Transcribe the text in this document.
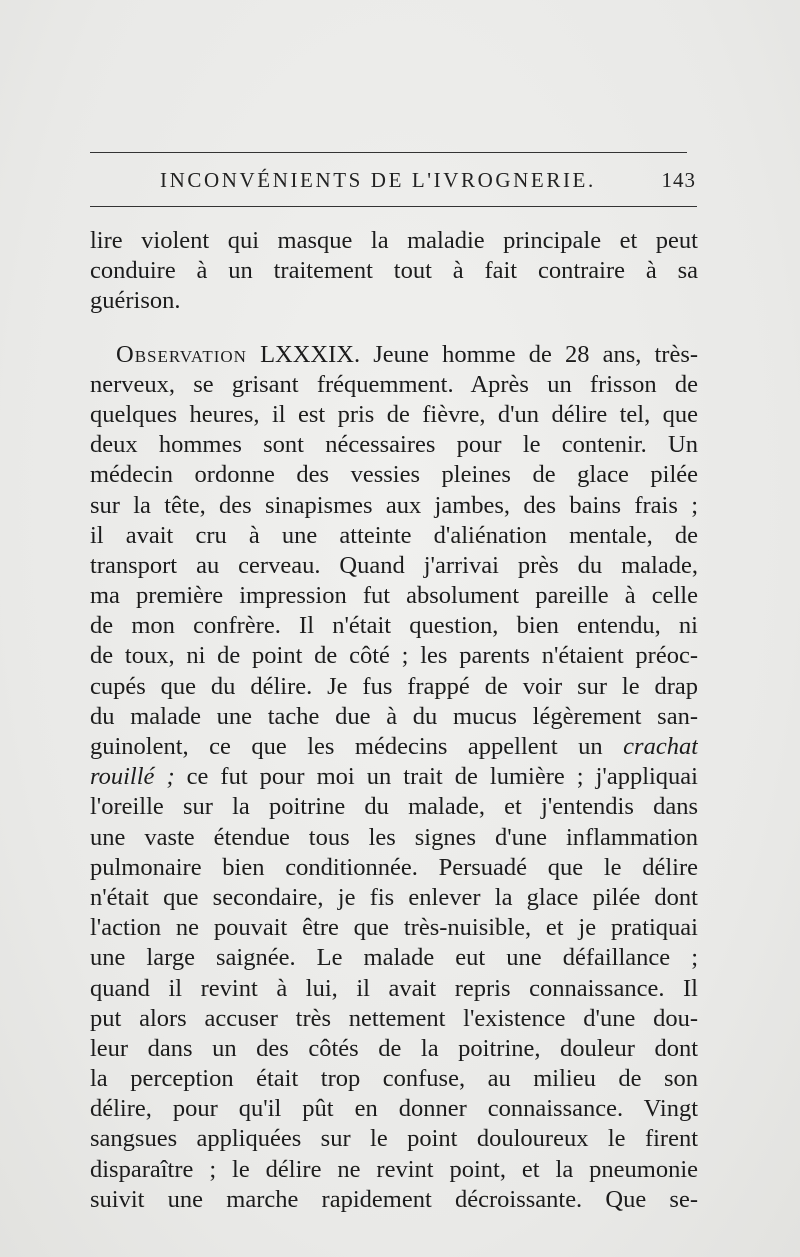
INCONVÉNIENTS DE L'IVROGNERIE.	143
lire violent qui masque la maladie principale et peut
conduire à un traitement tout à fait contraire à sa
guérison.
Observation LXXXIX. Jeune homme de 28 ans, très-
nerveux, se grisant fréquemment. Après un frisson de
quelques heures, il est pris de fièvre, d'un délire tel, que
deux hommes sont nécessaires pour le contenir. Un
médecin ordonne des vessies pleines de glace pilée
sur la tête, des sinapismes aux jambes, des bains frais ;
il avait cru à une atteinte d'aliénation mentale, de
transport au cerveau. Quand j'arrivai près du malade,
ma première impression fut absolument pareille à celle
de mon confrère. Il n'était question, bien entendu, ni
de toux, ni de point de côté ; les parents n'étaient préoc-
cupés que du délire. Je fus frappé de voir sur le drap
du malade une tache due à du mucus légèrement san-
guinolent, ce que les médecins appellent un crachat
rouillé ; ce fut pour moi un trait de lumière ; j'appliquai
l'oreille sur la poitrine du malade, et j'entendis dans
une vaste étendue tous les signes d'une inflammation
pulmonaire bien conditionnée. Persuadé que le délire
n'était que secondaire, je fis enlever la glace pilée dont
l'action ne pouvait être que très-nuisible, et je pratiquai
une large saignée. Le malade eut une défaillance ;
quand il revint à lui, il avait repris connaissance. Il
put alors accuser très nettement l'existence d'une dou-
leur dans un des côtés de la poitrine, douleur dont
la perception était trop confuse, au milieu de son
délire, pour qu'il pût en donner connaissance. Vingt
sangsues appliquées sur le point douloureux le firent
disparaître ; le délire ne revint point, et la pneumonie
suivit une marche rapidement décroissante. Que se-
